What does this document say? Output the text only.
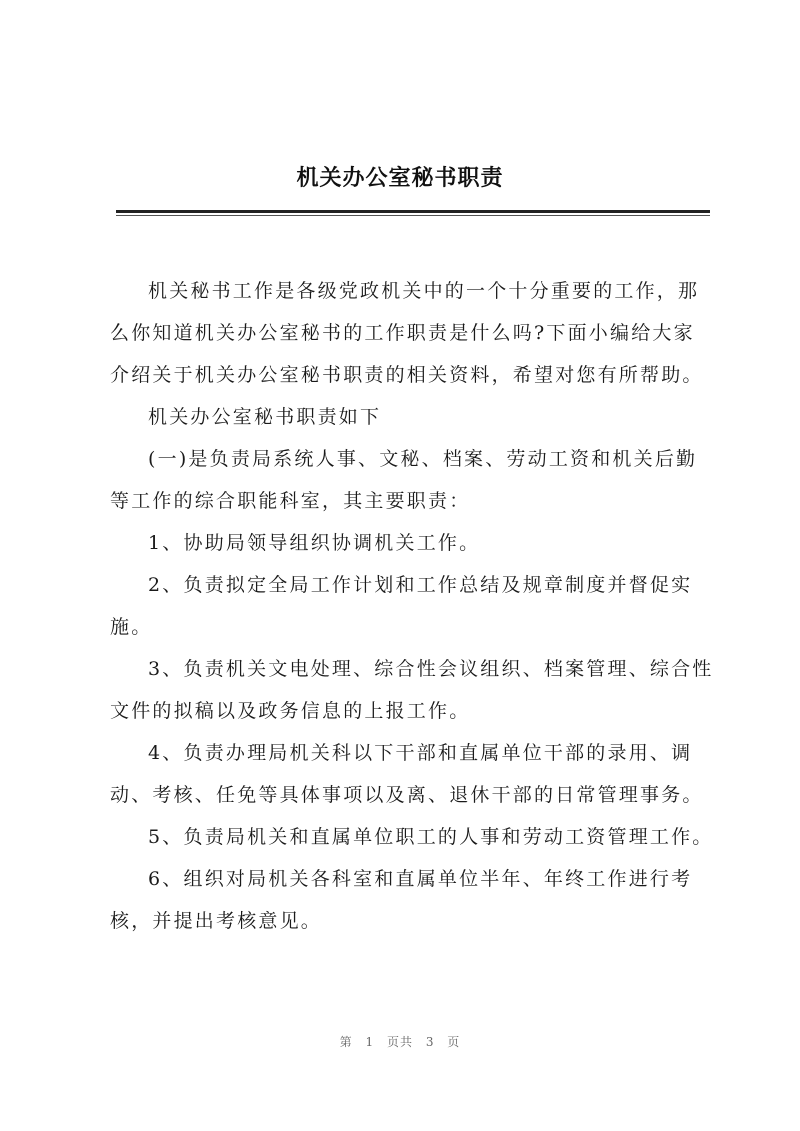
机关办公室秘书职责

机关秘书工作是各级党政机关中的一个十分重要的工作，那么你知道机关办公室秘书的工作职责是什么吗?下面小编给大家介绍关于机关办公室秘书职责的相关资料，希望对您有所帮助。

机关办公室秘书职责如下

(一)是负责局系统人事、文秘、档案、劳动工资和机关后勤等工作的综合职能科室，其主要职责：

1、协助局领导组织协调机关工作。

2、负责拟定全局工作计划和工作总结及规章制度并督促实施。

3、负责机关文电处理、综合性会议组织、档案管理、综合性文件的拟稿以及政务信息的上报工作。

4、负责办理局机关科以下干部和直属单位干部的录用、调动、考核、任免等具体事项以及离、退休干部的日常管理事务。

5、负责局机关和直属单位职工的人事和劳动工资管理工作。

6、组织对局机关各科室和直属单位半年、年终工作进行考核，并提出考核意见。

第 1 页共 3 页
